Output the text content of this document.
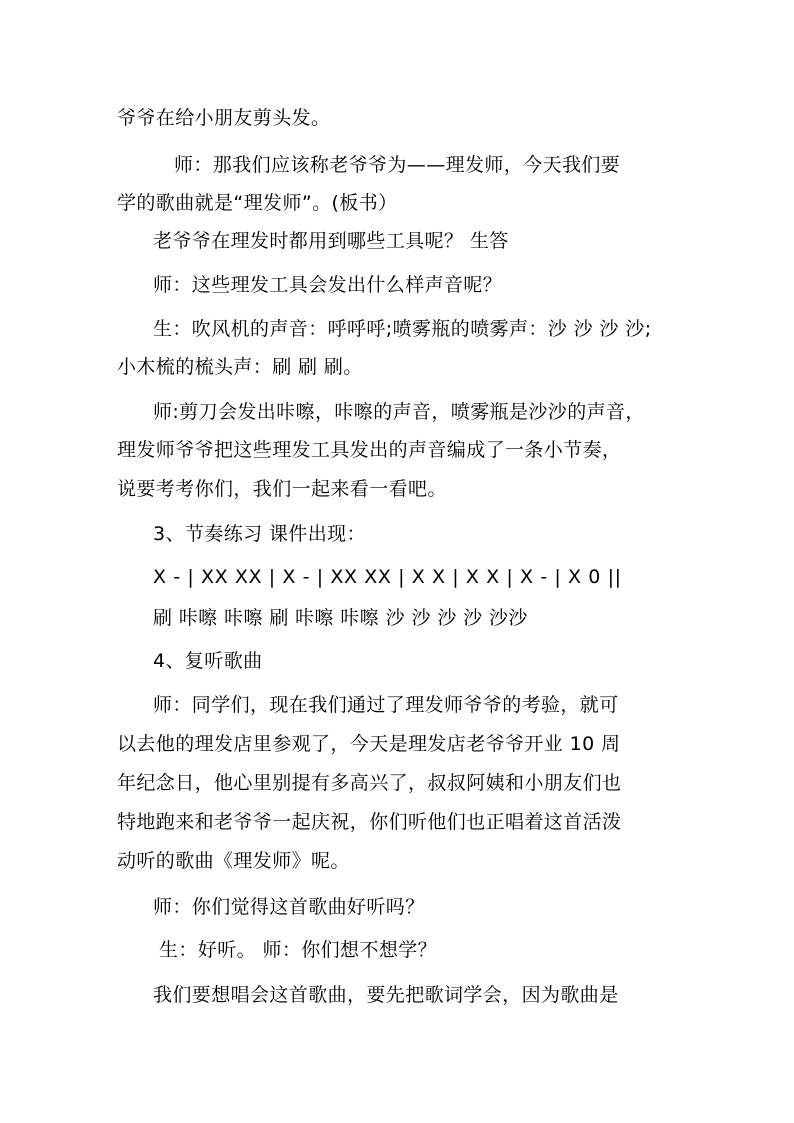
爷爷在给小朋友剪头发。
师：那我们应该称老爷爷为——理发师，今天我们要
学的歌曲就是“理发师”。(板书）
老爷爷在理发时都用到哪些工具呢？ 生答
师：这些理发工具会发出什么样声音呢？
生：吹风机的声音：呼呼呼;喷雾瓶的喷雾声：沙 沙 沙 沙;
小木梳的梳头声：刷 刷 刷。
师:剪刀会发出咔嚓，咔嚓的声音，喷雾瓶是沙沙的声音，
理发师爷爷把这些理发工具发出的声音编成了一条小节奏，
说要考考你们，我们一起来看一看吧。
3、节奏练习 课件出现：
X - | XX XX | X - | XX XX | X X | X X | X - | X 0 ||
刷 咔嚓 咔嚓 刷 咔嚓 咔嚓 沙 沙 沙 沙 沙沙
4、复听歌曲
师：同学们，现在我们通过了理发师爷爷的考验，就可
以去他的理发店里参观了，今天是理发店老爷爷开业 10 周
年纪念日，他心里别提有多高兴了，叔叔阿姨和小朋友们也
特地跑来和老爷爷一起庆祝，你们听他们也正唱着这首活泼
动听的歌曲《理发师》呢。
师：你们觉得这首歌曲好听吗？
生：好听。 师：你们想不想学？
我们要想唱会这首歌曲，要先把歌词学会，因为歌曲是
